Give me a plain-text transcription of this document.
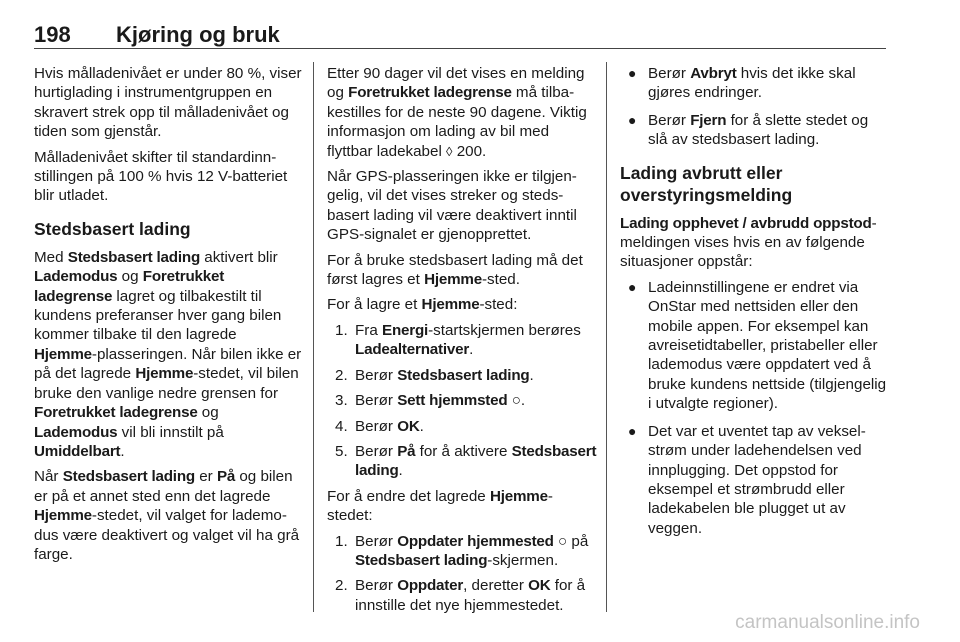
198	Kjøring og bruk

Hvis målladenivået er under 80 %, viser hurtiglading i instrumentgruppen en skravert strek opp til målladenivået og tiden som gjenstår.

Målladenivået skifter til standardinnstillingen på 100 % hvis 12 V-batteriet blir utladet.

Stedsbasert lading

Med Stedsbasert lading aktivert blir Lademodus og Foretrukket ladegrense lagret og tilbakestilt til kundens preferanser hver gang bilen kommer tilbake til den lagrede Hjemme-plasseringen. Når bilen ikke er på det lagrede Hjemme-stedet, vil bilen bruke den vanlige nedre grensen for Foretrukket ladegrense og Lademodus vil bli innstilt på Umiddelbart.

Når Stedsbasert lading er På og bilen er på et annet sted enn det lagrede Hjemme-stedet, vil valget for lademodus være deaktivert og valget vil ha grå farge.

Etter 90 dager vil det vises en melding og Foretrukket ladegrense må tilbakestilles for de neste 90 dagene. Viktig informasjon om lading av bil med flyttbar ladekabel ◊ 200.

Når GPS-plasseringen ikke er tilgjengelig, vil det vises streker og stedsbasert lading vil være deaktivert inntil GPS-signalet er gjenopprettet.

For å bruke stedsbasert lading må det først lagres et Hjemme-sted.

For å lagre et Hjemme-sted:

1. Fra Energi-startskjermen berøres Ladealternativer.
2. Berør Stedsbasert lading.
3. Berør Sett hjemmsted ○.
4. Berør OK.
5. Berør På for å aktivere Stedsbasert lading.

For å endre det lagrede Hjemme-stedet:

1. Berør Oppdater hjemmested ○ på Stedsbasert lading-skjermen.
2. Berør Oppdater, deretter OK for å innstille det nye hjemmestedet.
● Berør Avbryt hvis det ikke skal gjøres endringer.
● Berør Fjern for å slette stedet og slå av stedsbasert lading.
Lading avbrutt eller overstyringsmelding

Lading opphevet / avbrudd oppstod-meldingen vises hvis en av følgende situasjoner oppstår:

● Ladeinnstillingene er endret via OnStar med nettsiden eller den mobile appen. For eksempel kan avreisetidtabeller, pristabeller eller lademodus være oppdatert ved å bruke kundens nettside (tilgjengelig i utvalgte regioner).
● Det var et uventet tap av vekselstrøm under ladehendelsen ved innplugging. Det oppstod for eksempel et strømbrudd eller ladekabelen ble plugget ut av veggen.
carmanualsonline.info
